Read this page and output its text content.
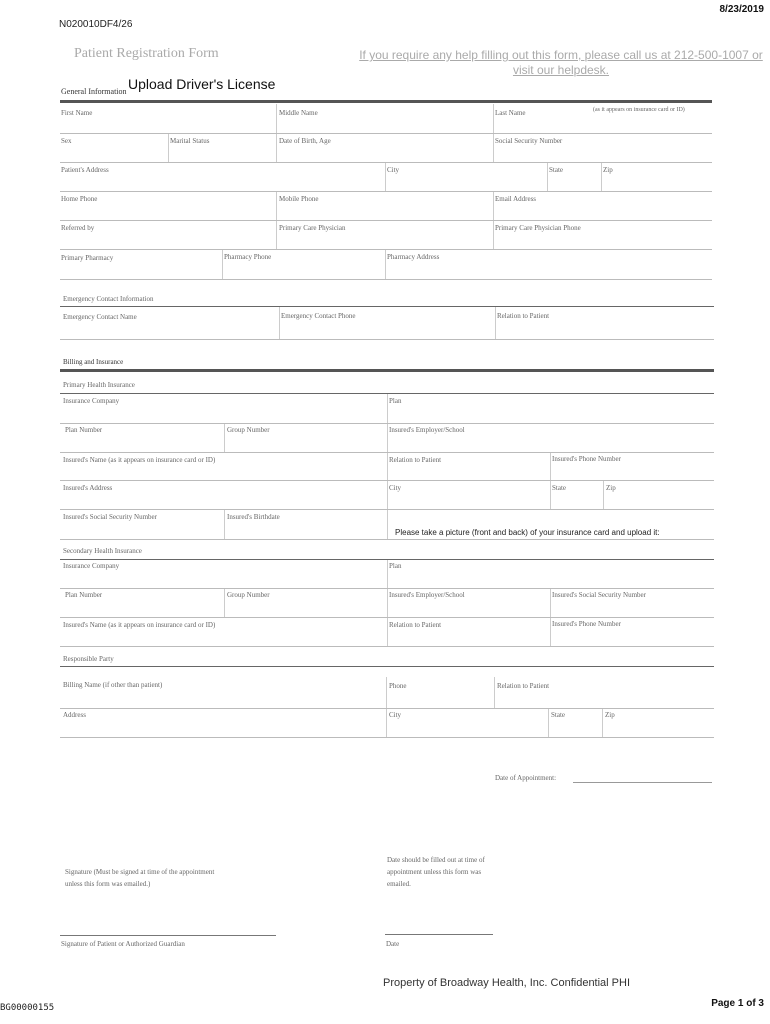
8/23/2019
N020010DF4/26
Patient Registration Form	If you require any help filling out this form, please call us at 212-500-1007 or visit our helpdesk.
Upload Driver's License
General Information
First Name	Middle Name	Last Name	(as it appears on insurance card or ID)
Sex	Marital Status	Date of Birth, Age	Social Security Number
Patient's Address	City	State	Zip
Home Phone	Mobile Phone	Email Address
Referred by	Primary Care Physician	Primary Care Physician Phone
Primary Pharmacy	Pharmacy Phone	Pharmacy Address
Emergency Contact Information
Emergency Contact Name	Emergency Contact Phone	Relation to Patient
Billing and Insurance
Primary Health Insurance
Insurance Company	Plan
Plan Number	Group Number	Insured's Employer/School
Insured's Name (as it appears on insurance card or ID)	Relation to Patient	Insured's Phone Number
Insured's Address	City	State	Zip
Insured's Social Security Number	Insured's Birthdate
Please take a picture (front and back) of your insurance card and upload it:
Secondary Health Insurance
Insurance Company	Plan
Plan Number	Group Number	Insured's Employer/School	Insured's Social Security Number
Insured's Name (as it appears on insurance card or ID)	Relation to Patient	Insured's Phone Number
Responsible Party
Billing Name (if other than patient)	Phone	Relation to Patient
Address	City	State	Zip
Date of Appointment:
Signature (Must be signed at time of the appointment unless this form was emailed.)
Date should be filled out at time of appointment unless this form was emailed.
Signature of Patient or Authorized Guardian	Date
Property of Broadway Health, Inc. Confidential PHI
Page 1 of 3
BG00000155
